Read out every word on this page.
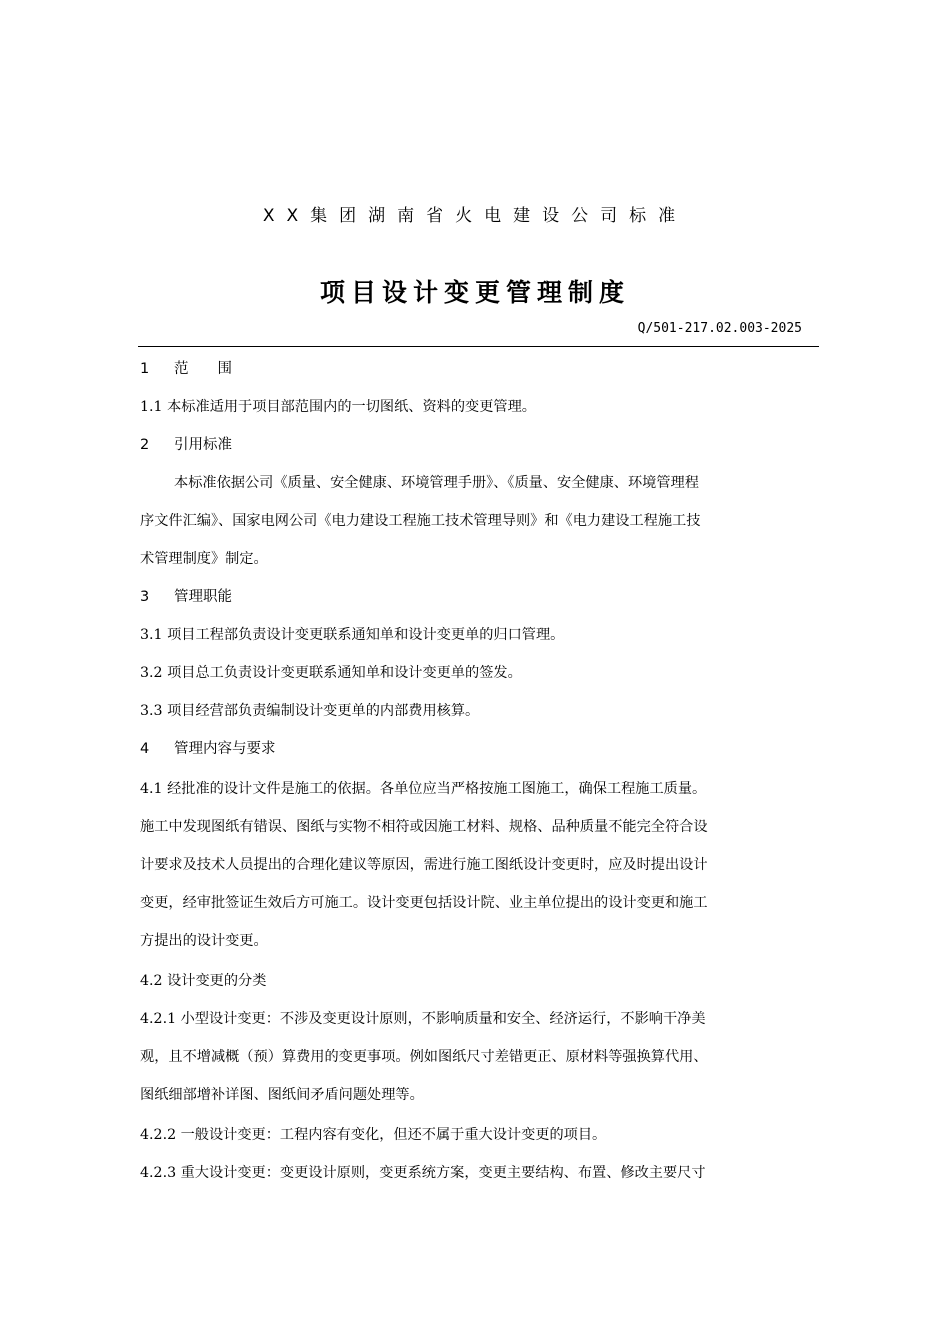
XX集团湖南省火电建设公司标准
项目设计变更管理制度
Q/501-217.02.003-2025
1 范　　围
1.1 本标准适用于项目部范围内的一切图纸、资料的变更管理。
2 引用标准
本标准依据公司《质量、安全健康、环境管理手册》、《质量、安全健康、环境管理程
序文件汇编》、国家电网公司《电力建设工程施工技术管理导则》和《电力建设工程施工技
术管理制度》制定。
3 管理职能
3.1 项目工程部负责设计变更联系通知单和设计变更单的归口管理。
3.2 项目总工负责设计变更联系通知单和设计变更单的签发。
3.3 项目经营部负责编制设计变更单的内部费用核算。
4 管理内容与要求
4.1 经批准的设计文件是施工的依据。各单位应当严格按施工图施工，确保工程施工质量。
施工中发现图纸有错误、图纸与实物不相符或因施工材料、规格、品种质量不能完全符合设
计要求及技术人员提出的合理化建议等原因，需进行施工图纸设计变更时，应及时提出设计
变更，经审批签证生效后方可施工。设计变更包括设计院、业主单位提出的设计变更和施工
方提出的设计变更。
4.2 设计变更的分类
4.2.1 小型设计变更：不涉及变更设计原则，不影响质量和安全、经济运行，不影响干净美
观，且不增减概（预）算费用的变更事项。例如图纸尺寸差错更正、原材料等强换算代用、
图纸细部增补详图、图纸间矛盾问题处理等。
4.2.2 一般设计变更：工程内容有变化，但还不属于重大设计变更的项目。
4.2.3 重大设计变更：变更设计原则，变更系统方案，变更主要结构、布置、修改主要尺寸
